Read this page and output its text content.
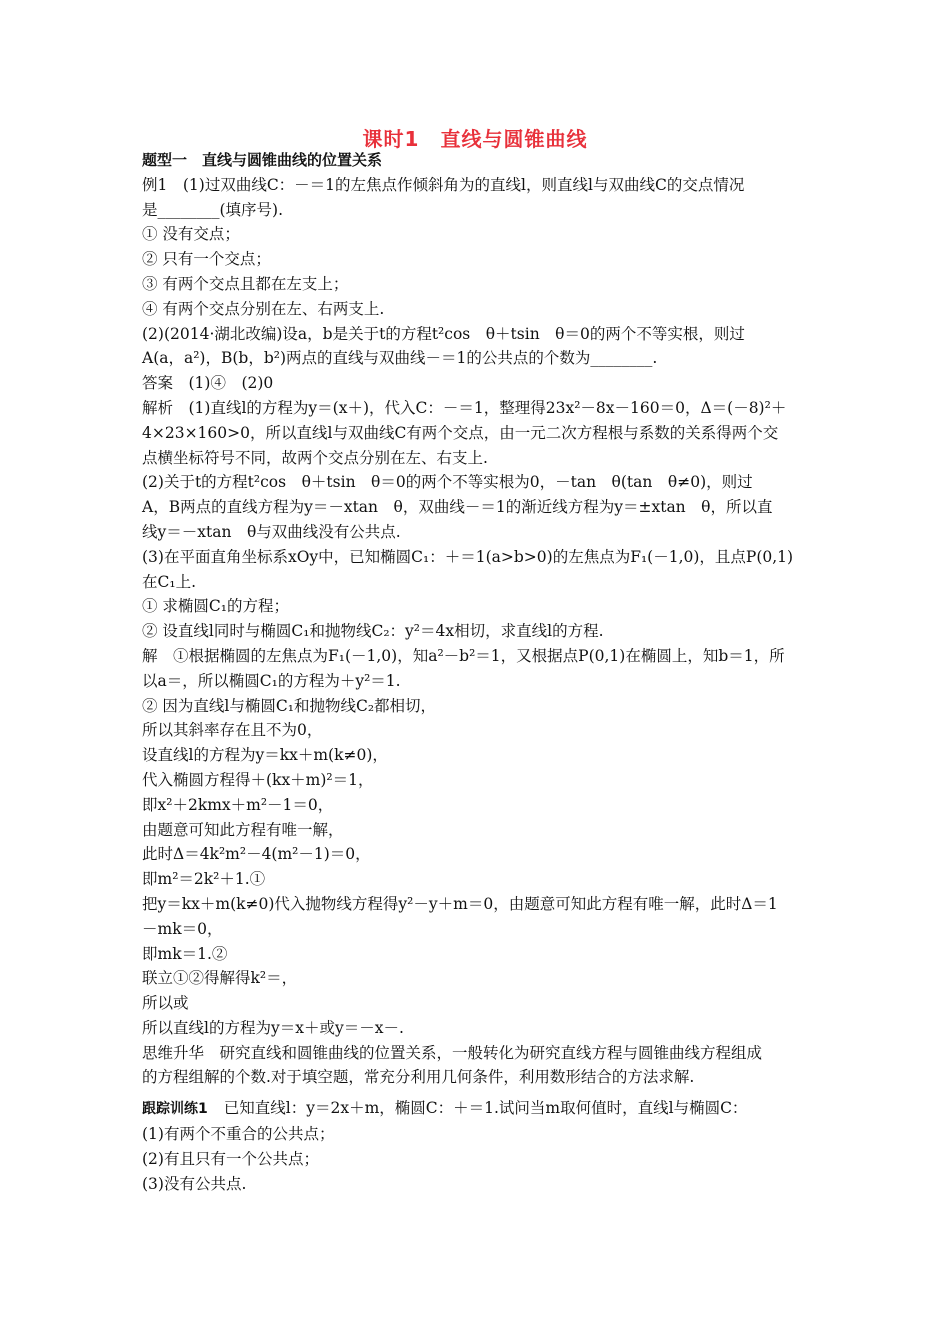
课时1　直线与圆锥曲线
题型一　直线与圆锥曲线的位置关系
例1　(1)过双曲线C：－＝1的左焦点作倾斜角为的直线l，则直线l与双曲线C的交点情况
是________(填序号).
① 没有交点；
② 只有一个交点；
③ 有两个交点且都在左支上；
④ 有两个交点分别在左、右两支上.
(2)(2014·湖北改编)设a，b是关于t的方程t²cos　θ＋tsin　θ＝0的两个不等实根，则过
A(a，a²)，B(b，b²)两点的直线与双曲线－＝1的公共点的个数为________.
答案　(1)④　(2)0
解析　(1)直线l的方程为y＝(x＋)，代入C：－＝1，整理得23x²－8x－160＝0，Δ＝(－8)²＋
4×23×160>0，所以直线l与双曲线C有两个交点，由一元二次方程根与系数的关系得两个交
点横坐标符号不同，故两个交点分别在左、右支上.
(2)关于t的方程t²cos　θ＋tsin　θ＝0的两个不等实根为0，－tan　θ(tan　θ≠0)，则过
A，B两点的直线方程为y＝－xtan　θ，双曲线－＝1的渐近线方程为y＝±xtan　θ，所以直
线y＝－xtan　θ与双曲线没有公共点.
(3)在平面直角坐标系xOy中，已知椭圆C₁：＋＝1(a>b>0)的左焦点为F₁(－1,0)，且点P(0,1)
在C₁上.
① 求椭圆C₁的方程；
② 设直线l同时与椭圆C₁和抛物线C₂：y²＝4x相切，求直线l的方程.
解　①根据椭圆的左焦点为F₁(－1,0)，知a²－b²＝1，又根据点P(0,1)在椭圆上，知b＝1，所
以a＝，所以椭圆C₁的方程为＋y²＝1.
② 因为直线l与椭圆C₁和抛物线C₂都相切，
所以其斜率存在且不为0，
设直线l的方程为y＝kx＋m(k≠0)，
代入椭圆方程得＋(kx＋m)²＝1，
即x²＋2kmx＋m²－1＝0，
由题意可知此方程有唯一解，
此时Δ＝4k²m²－4(m²－1)＝0，
即m²＝2k²＋1.①
把y＝kx＋m(k≠0)代入抛物线方程得y²－y＋m＝0，由题意可知此方程有唯一解，此时Δ＝1
－mk＝0，
即mk＝1.②
联立①②得解得k²＝，
所以或
所以直线l的方程为y＝x＋或y＝－x－.
思维升华　研究直线和圆锥曲线的位置关系，一般转化为研究直线方程与圆锥曲线方程组成
的方程组解的个数.对于填空题，常充分利用几何条件，利用数形结合的方法求解.
跟踪训练1 已知直线l：y＝2x＋m，椭圆C：＋＝1.试问当m取何值时，直线l与椭圆C：
(1)有两个不重合的公共点；
(2)有且只有一个公共点；
(3)没有公共点.
